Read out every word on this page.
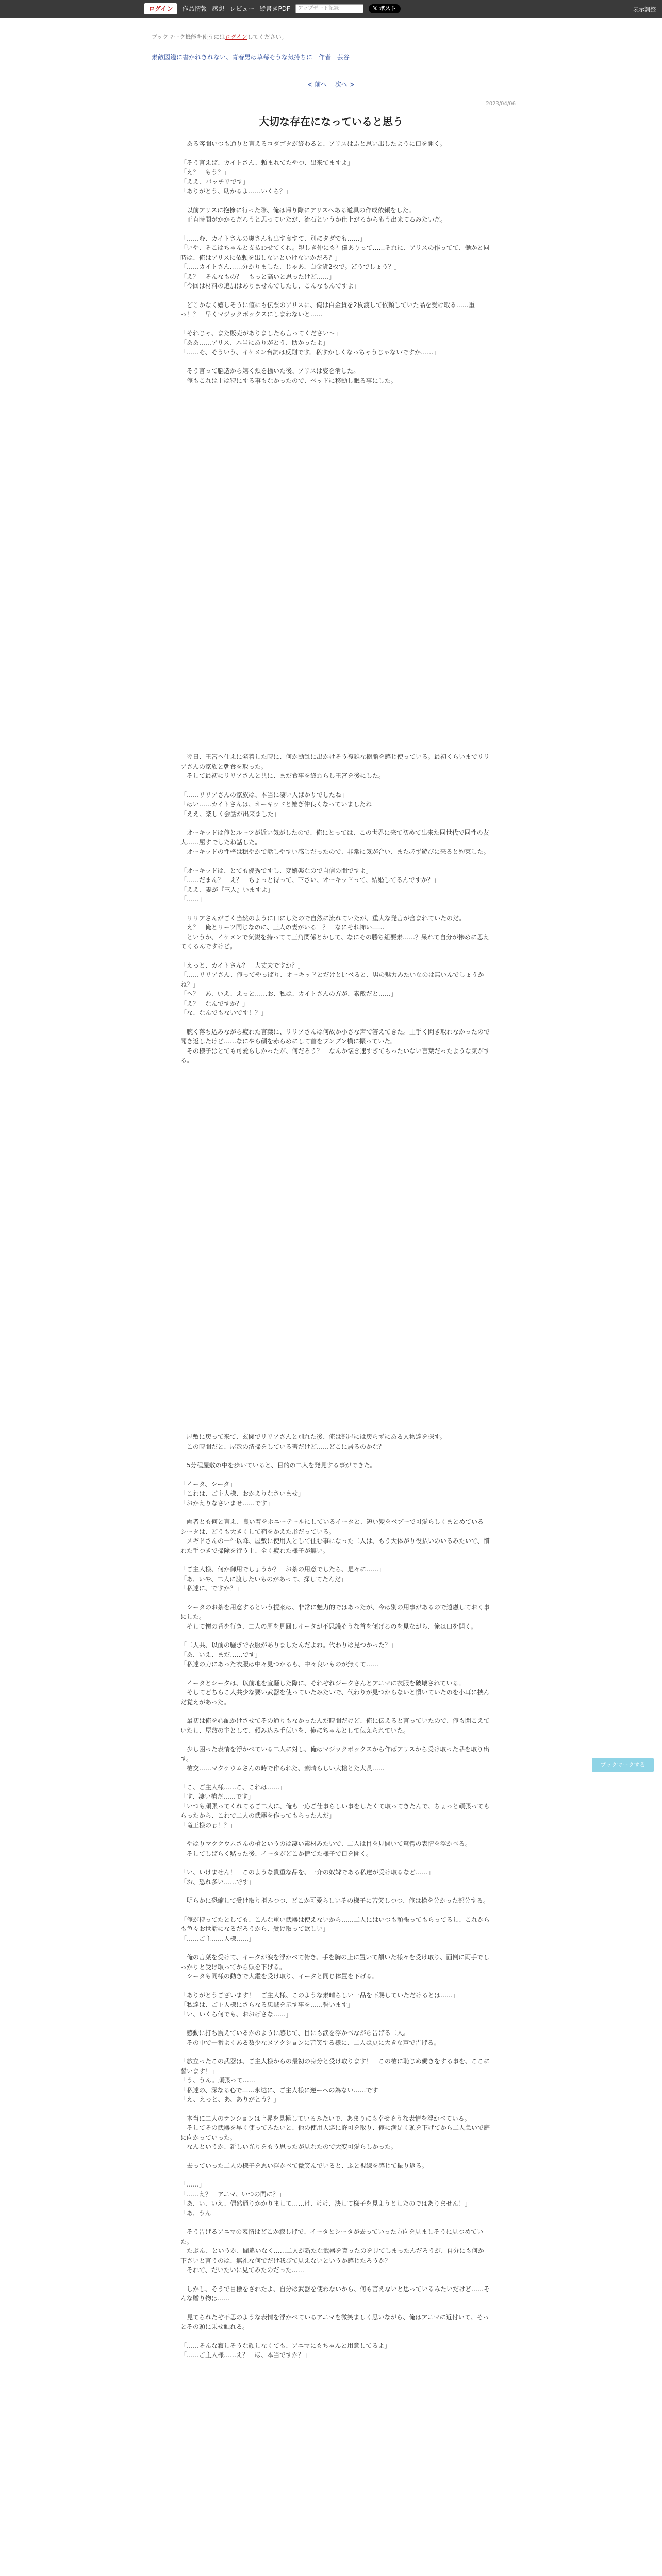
ログイン	作品情報 感想 レビュー 縦書きPDF	アップデート記録	𝕏 ポスト	表示調整
ブックマーク機能を使うにはログインしてください。
素敵図鑑に書かれきれない、青春男は草莓そうな気持ちに 作者 芸谷
< 前へ 次へ >
2023/04/06
大切な存在になっていると思う

　ある客間いつも通りと言えるコダゴタが終わると、アリスはふと思い出したように口を開く。

「そう言えば、カイトさん、頼まれてたやつ、出来てますよ」
「え？　もう？」
「ええ、バッチリです」
「ありがとう、助かるよ……いくら？」

　以前アリスに抱擁に行った際、俺は帰り際にアリスへある道具の作成依頼をした。
　正直時間がかかるだろうと思っていたが、流石というか仕上がるからもう出来てるみたいだ。

「……む、カイトさんの奥さんも出す良すて、別にタダでも……」
「いや、そこはちゃんと支払わせてくれ。親しき仲にも礼儀ありって……それに、アリスの作ってて、働かと同時は、俺はアリスに依頼を出しないといけないかだろ？」
「……カイトさん……分かりました、じゃあ、白金貨2枚で。どうでしょう？」
「え？　そんなもの？　もっと高いと思ったけど……」
「今回は材料の追加はありませんでしたし、こんなもんですよ」

　どこかなく嬉しそうに値にも伝票のアリスに、俺は白金貨を2枚渡して依頼していた品を受け取る……重っ！？　早くマジックボックスにしまわないと……

「それじゃ、また販売がありましたら言ってください～」
「ああ……アリス、本当にありがとう、助かったよ」
「……そ、そういう、イケメン台詞は反則です。私すかしくなっちゃうじゃないですか……」

　そう言って脳造から嬉く頬を掻いた後、アリスは姿を消した。
　俺もこれは上は特にする事もなかったので、ベッドに移動し眠る事にした。

　翌日、王宮へ仕えに発着した時に、何か動乱に出かけそう複雑な樹脂を感じ使っている。最初くらいまでリリアさんの家族と朝食を取った。
　そして最初にリリアさんと共に、まだ食事を終わらし王宮を後にした。

「……リリアさんの家族は、本当に凄い人ばかりでしたね」
「はい……カイトさんは、オーキッドと雑ぎ仲良くなっていましたね」
「ええ、楽しく会話が出来ました」

　オーキッドは俺とルーツが近い気がしたので、俺にとっては、この世界に来て初めて出来た同世代で同性の友人……屈すでしたね話した。
　オーキッドの性格は穏やかで話しやすい感じだったので、非常に気が合い、また必ず遊びに来ると約束した。

「オーキッドは、とても優秀ですし、変嬉楽なので自信の間ですよ」
「……だまん？　え？　ちょっと待って、下さい、オーキッドって、結婚してるんですか？」
「ええ、妻が『三人』いますよ」
「……」

　リリアさんがごく当然のように口にしたので自然に流れていたが、重大な発言が含まれていたのだ。
　え？　俺とリーツ同じなのに、三人の妻がいる！？　なにそれ怖い……
　というか、イケメンで気鋭を持ってて三角関係とかして、なにその勝ち組要素……？呆れて自分が惨めに思えてくるんですけど。

「えっと、カイトさん？　大丈夫ですか？」
「……リリアさん、俺ってやっぱり、オーキッドとだけと比べると、男の魅力みたいなのは無いんでしょうかね？」
「へ？　あ、いえ、えっと……お、私は、カイトさんの方が、素敵だと……」
「え？　なんですか？」
「な、なんでもないです！？」

　腕く落ち込みながら疲れた言葉に、リリアさんは何故か小さな声で答えてきた。上手く聞き取れなかったので聞き返したけど……なにやら顔を赤らめにして首をブンブン横に振っていた。
　その様子はとても可愛らしかったが、何だろう？　なんか懐き速すぎてもったいない言葉だったような気がする。

　屋敷に戻って来て、玄関でリリアさんと別れた後、俺は部屋には戻らずにある人物達を探す。
　この時間だと、屋敷の清掃をしている筈だけど……どこに居るのかな？

　5分程屋敷の中を歩いていると、目的の二人を発見する事ができた。

「イータ、シータ」
「これは、ご主人様、おかえりなさいませ」
「おかえりなさいませ……です」

　両者とも何と言え、良い着をポニーテールにしているイータと、短い髪をベブーで可愛らしくまとめているシータは、どうも大きくして箱をかえた形だっている。
　メギドさんの一件以降、屋敷に使用人として住む事になった二人は、もう大体がり役払いのいるみたいで、慣れた手つきで掃除を行う上、全く疲れた様子が無い。

「ご主人様、何か御用でしょうか？　お茶の用意でしたら、是々に……」
「あ、いや、二人に渡したいものがあって、探してたんだ」
「私達に、ですか？」

　シータのお茶を用意するという提案は、非常に魅力的ではあったが、今は別の用事があるので遠慮しておく事にした。
　そして懐の背を行き、二人の周を見回しイータが不思議そうな首を傾げるのを見ながら、俺は口を開く。

「二人共、以前の騒ぎで衣服がありましたんだよね。代わりは見つかった？」
「あ、いえ、まだ……です」
「私達の力にあった衣服は中々見つかるも、中々良いものが無くて……」

　イータとシータは、以前地を宣騒した際に、それぞれジークさんとアニマに衣服を破壊されている。
　そしてどちらこ人共少な要い武器を使っていたみたいで、代わりが見つからないと慣いていたのを小耳に挟んだ覚えがあった。

　最初は俺を心配かけさせてその通りもなかったんだ時間だけど、俺に伝えると言っていたので、俺も聞こえていたし、屋敷の主として、頼み込み手伝いを、俺にちゃんとして伝えられていた。

　少し困った表情を浮かべている二人に対し、俺はマジックボックスから作ばアリスから受け取った品を取り出す。
　槍交……マクケウムさんの時で作られた、素晴らしい大槍とた大長……

「こ、ご主人様……こ、これは……」
「す、凄い槍だ……です」
「いつも頑張ってくれてるご二人に、俺も一応ご仕事らしい事をしたくて取ってきたんで、ちょっと頑張ってもらったから、これで二人の武器を作ってもらったんだ」
「竜王様のぉ！？」

　やはりマクケウムさんの槍というのは凄い素材みたいで、二人は目を見開いて驚愕の表情を浮かべる。
　そしてしばらく黙った後、イータがどこか慌てた様子で口を開く。

「い、いけません！　このような貴重な品を、一介の奴婢である私達が受け取るなど……」
「お、恐れ多い……です」

　明らかに恐縮して受け取り拒みつつ、どこか可愛らしいその様子に苦笑しつつ、俺は槍を分かった部分する。

「俺が持ってたとしても、こんな重い武器は使えないから……二人にはいつも頑張ってもらってるし、これからも色々お世話になるだろうから、受け取って欲しい」
「……ご主……人様……」

　俺の言葉を受けて、イータが涙を浮かべて俯き、手を胸の上に置いて頷いた様々を受け取り、面倒に両手でしっかりと受け取ってから頭を下げる。
　シータも同様の動きで大鑑を受け取り、イータと同じ体置を下げる。

「ありがとうございます！　ご主人様、このような素晴らしい一品を下賜していただけるとは……」
「私達は、ご主人様にさらなる忠誠を示す事を……誓います」
「い、いくら何でも、おおげさな……」

　感動に打ち震えているかのように感じて、目にも涙を浮かべながら告げる二人。
　その中で一番よくある数少なヌアクションに苦笑する様に、二人は更に大きな声で告げる。

「旅立ったこの武器は、ご主人様からの最初の身分と受け取ります！　この槍に恥じぬ働きをする事を、ここに誓います！」
「う、うん。頑張って……」
「私達の、深なる心で……永遠に、ご主人様に逆ーへの為ない……です」
「え、えっと、あ、ありがとう？」

　本当に二人のテンションは上昇を見極しているみたいで、あまりにも幸せそうな表情を浮かべている。
　そしてその武器を早く使ってみたいと、他の使用人達に許可を取り、俺に満足く頭を下げてから二人急いで庭に向かっていった。
　なんというか、新しい光りをもう思ったが見れたので大変可愛らしかった。

　去っていった二人の様子を思い浮かべて微笑んでいると、ふと視線を感じて振り返る。

「……」
「……え？　アニマ、いつの間に？」
「あ、い、いえ、偶然通りかかりまして……け、けけ、決して様子を見ようとしたのではありません！」
「あ、うん」

　そう告げるアニマの表情はどこか寂しげで、イータとシータが去っていった方向を見ましそうに見つめていた。
　たぶん、というか、間違いなく……二人が新たな武器を貰ったのを見てしまったんだろうが、自分にも何か下さいと言うのは、無礼な何でだけ我びて見えないというか感じたろうか？
　それで、だいたいに見てみたのだった……

　しかし、そうで目標をされたよ、自分は武器を使わないから、何も言えないと思っているみたいだけど……そんな贈り物は……

　見てられたぞ不思のような表情を浮かべているアニマを微笑ましく思いながら、俺はアニマに近付いて、そっとその頭に乗せ触れる。

「……そんな寂しそうな顔しなくても、アニマにもちゃんと用意してるよ」
「……ご主人様……え？　ほ、本当ですか？」

ブックマークする
